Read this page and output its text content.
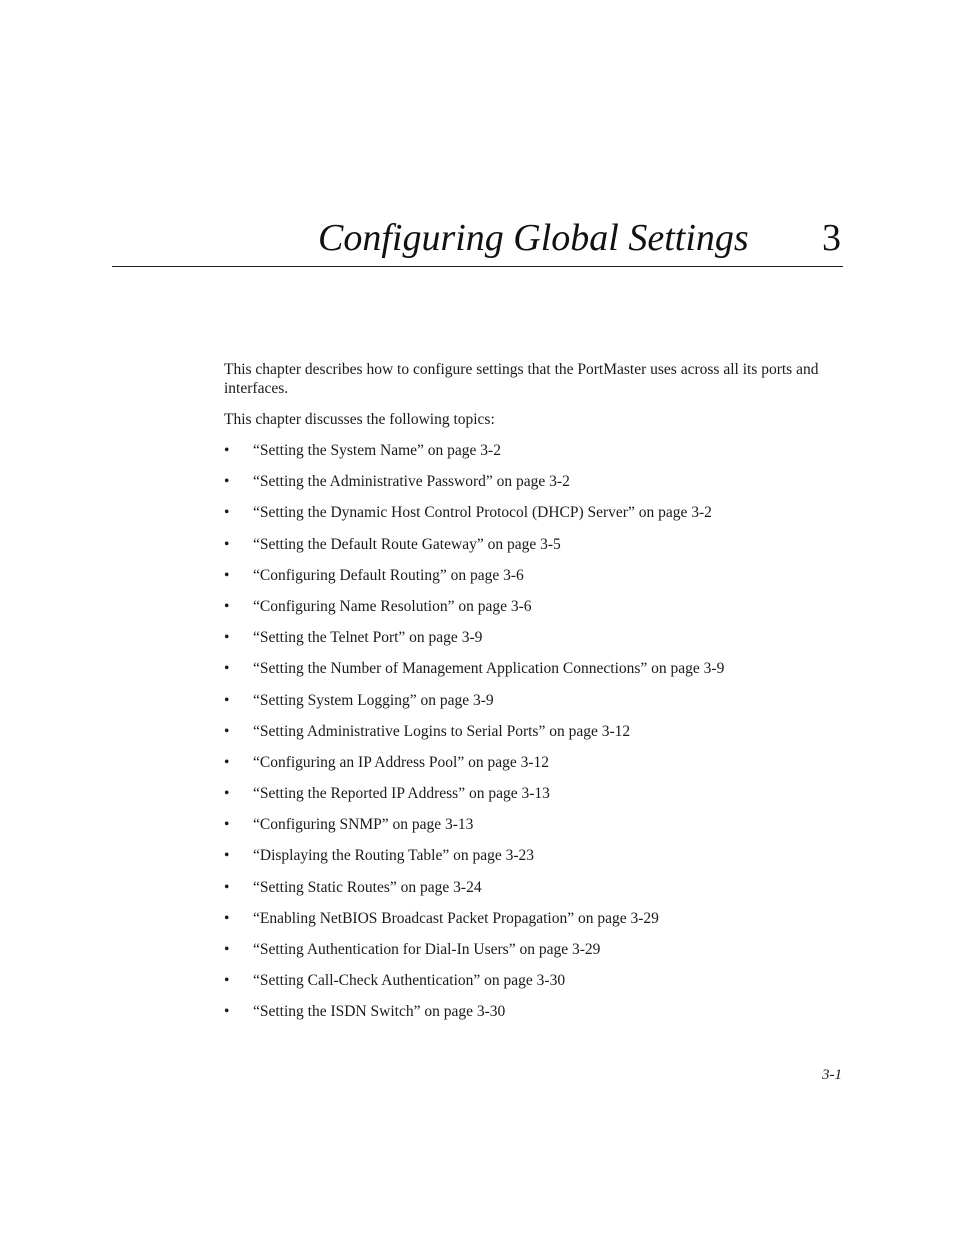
Configuring Global Settings 3

This chapter describes how to configure settings that the PortMaster uses across all its ports and interfaces.

This chapter discusses the following topics:

• “Setting the System Name” on page 3-2
• “Setting the Administrative Password” on page 3-2
• “Setting the Dynamic Host Control Protocol (DHCP) Server” on page 3-2
• “Setting the Default Route Gateway” on page 3-5
• “Configuring Default Routing” on page 3-6
• “Configuring Name Resolution” on page 3-6
• “Setting the Telnet Port” on page 3-9
• “Setting the Number of Management Application Connections” on page 3-9
• “Setting System Logging” on page 3-9
• “Setting Administrative Logins to Serial Ports” on page 3-12
• “Configuring an IP Address Pool” on page 3-12
• “Setting the Reported IP Address” on page 3-13
• “Configuring SNMP” on page 3-13
• “Displaying the Routing Table” on page 3-23
• “Setting Static Routes” on page 3-24
• “Enabling NetBIOS Broadcast Packet Propagation” on page 3-29
• “Setting Authentication for Dial-In Users” on page 3-29
• “Setting Call-Check Authentication” on page 3-30
• “Setting the ISDN Switch” on page 3-30
3-1
